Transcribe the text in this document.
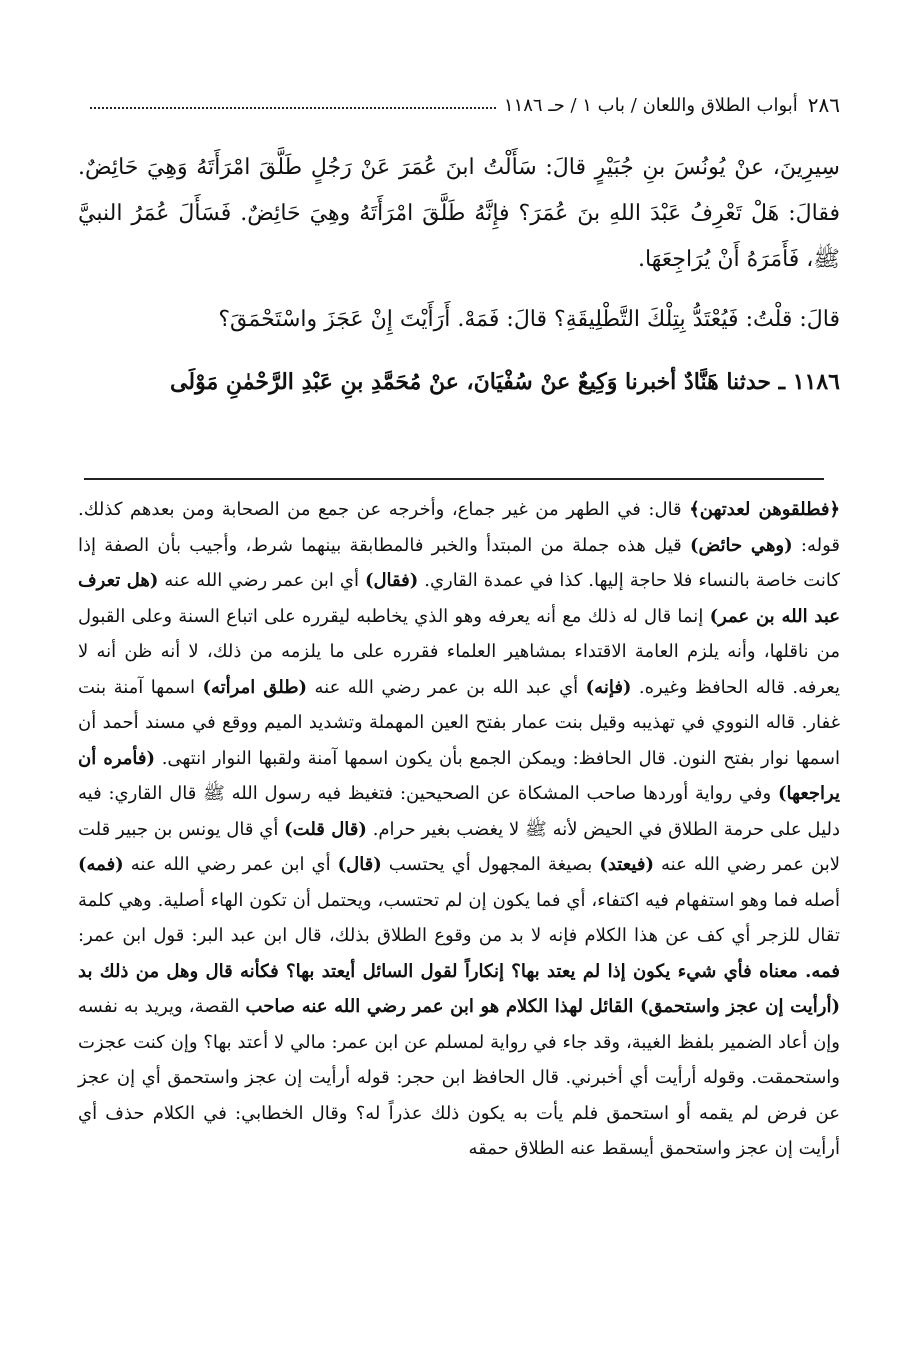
٢٨٦
أبواب الطلاق واللعان / باب ١ / حـ ١١٨٦

سِيرِينَ، عنْ يُونُسَ بنِ جُبَيْرٍ قالَ: سَأَلْتُ ابنَ عُمَرَ عَنْ رَجُلٍ طَلَّقَ امْرَأَتَهُ وَهِيَ حَائِضٌ. فقالَ: هَلْ تَعْرِفُ عَبْدَ اللهِ بنَ عُمَرَ؟ فإِنَّهُ طَلَّقَ امْرَأَتَهُ وهِيَ حَائِضٌ. فَسَأَلَ عُمَرُ النبيَّ ﷺ، فَأَمَرَهُ أَنْ يُرَاجِعَهَا.

قالَ: قلْتُ: فَيُعْتَدُّ بِتِلْكَ التَّطْلِيقَةِ؟ قالَ: فَمَهْ. أَرَأَيْتَ إِنْ عَجَزَ واسْتَحْمَقَ؟

١١٨٦ ـ حدثنا هَنَّادٌ أخبرنا وَكِيعٌ عنْ سُفْيَانَ، عنْ مُحَمَّدِ بنِ عَبْدِ الرَّحْمٰنِ مَوْلَى

﴿فطلقوهن لعدتهن﴾ قال: في الطهر من غير جماع، وأخرجه عن جمع من الصحابة ومن بعدهم كذلك. قوله: (وهي حائض) قيل هذه جملة من المبتدأ والخبر فالمطابقة بينهما شرط، وأجيب بأن الصفة إذا كانت خاصة بالنساء فلا حاجة إليها. كذا في عمدة القاري. (فقال) أي ابن عمر رضي الله عنه (هل تعرف عبد الله بن عمر) إنما قال له ذلك مع أنه يعرفه وهو الذي يخاطبه ليقرره على اتباع السنة وعلى القبول من ناقلها، وأنه يلزم العامة الاقتداء بمشاهير العلماء فقرره على ما يلزمه من ذلك، لا أنه ظن أنه لا يعرفه. قاله الحافظ وغيره. (فإنه) أي عبد الله بن عمر رضي الله عنه (طلق امرأته) اسمها آمنة بنت غفار. قاله النووي في تهذيبه وقيل بنت عمار بفتح العين المهملة وتشديد الميم ووقع في مسند أحمد أن اسمها نوار بفتح النون. قال الحافظ: ويمكن الجمع بأن يكون اسمها آمنة ولقبها النوار انتهى. (فأمره أن يراجعها) وفي رواية أوردها صاحب المشكاة عن الصحيحين: فتغيظ فيه رسول الله ﷺ قال القاري: فيه دليل على حرمة الطلاق في الحيض لأنه ﷺ لا يغضب بغير حرام. (قال قلت) أي قال يونس بن جبير قلت لابن عمر رضي الله عنه (فيعتد) بصيغة المجهول أي يحتسب (قال) أي ابن عمر رضي الله عنه (فمه) أصله فما وهو استفهام فيه اكتفاء، أي فما يكون إن لم تحتسب، ويحتمل أن تكون الهاء أصلية. وهي كلمة تقال للزجر أي كف عن هذا الكلام فإنه لا بد من وقوع الطلاق بذلك، قال ابن عبد البر: قول ابن عمر: فمه. معناه فأي شيء يكون إذا لم يعتد بها؟ إنكاراً لقول السائل أيعتد بها؟ فكأنه قال وهل من ذلك بد (أرأيت إن عجز واستحمق) القائل لهذا الكلام هو ابن عمر رضي الله عنه صاحب القصة، ويريد به نفسه وإن أعاد الضمير بلفظ الغيبة، وقد جاء في رواية لمسلم عن ابن عمر: مالي لا أعتد بها؟ وإن كنت عجزت واستحمقت. وقوله أرأيت أي أخبرني. قال الحافظ ابن حجر: قوله أرأيت إن عجز واستحمق أي إن عجز عن فرض لم يقمه أو استحمق فلم يأت به يكون ذلك عذراً له؟ وقال الخطابي: في الكلام حذف أي أرأيت إن عجز واستحمق أيسقط عنه الطلاق حمقه
